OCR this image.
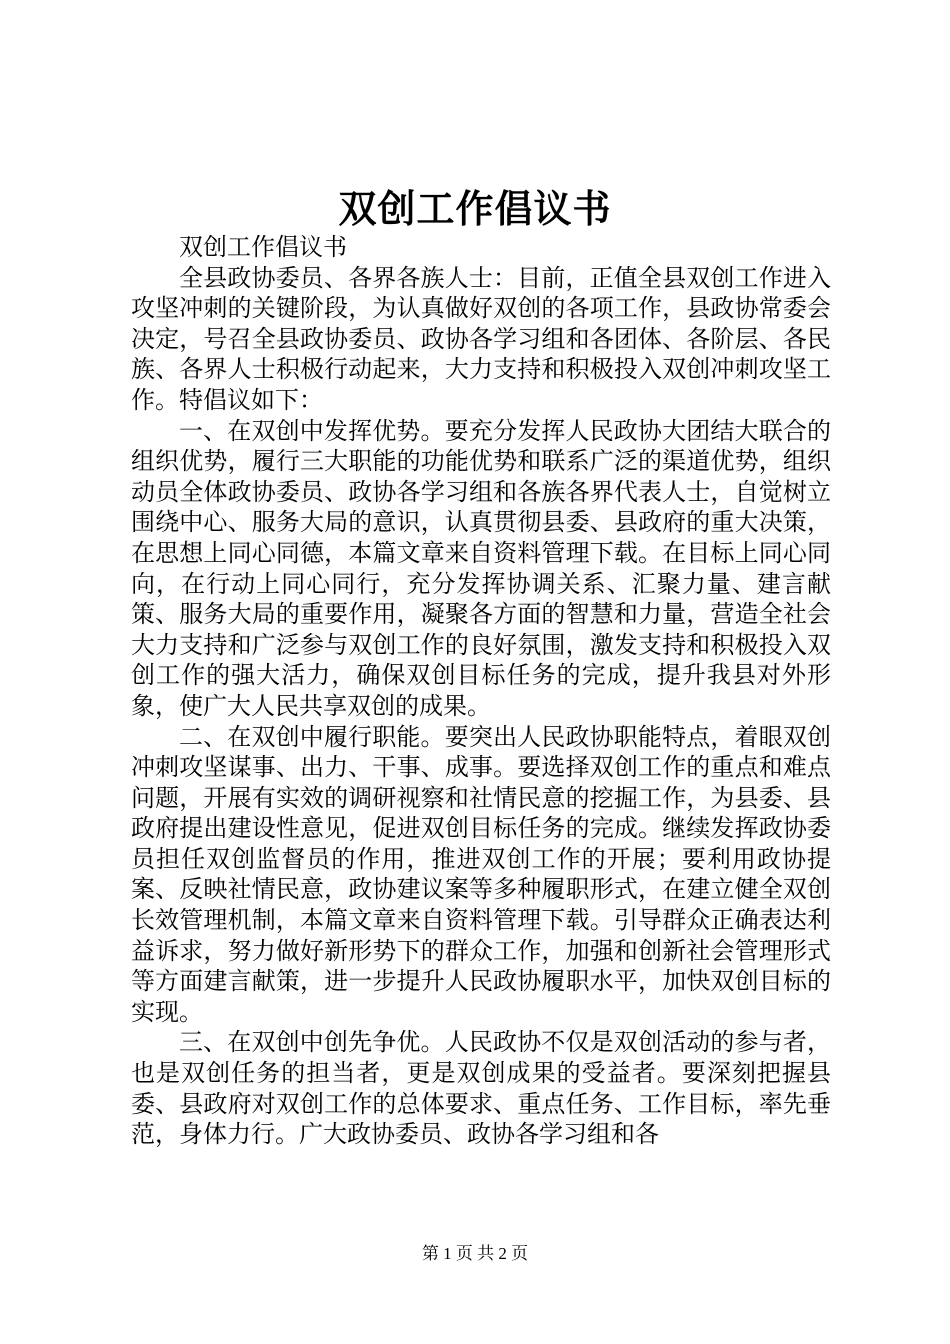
双创工作倡议书

双创工作倡议书

全县政协委员、各界各族人士：目前，正值全县双创工作进入攻坚冲刺的关键阶段，为认真做好双创的各项工作，县政协常委会决定，号召全县政协委员、政协各学习组和各团体、各阶层、各民族、各界人士积极行动起来，大力支持和积极投入双创冲刺攻坚工作。特倡议如下：

一、在双创中发挥优势。要充分发挥人民政协大团结大联合的组织优势，履行三大职能的功能优势和联系广泛的渠道优势，组织动员全体政协委员、政协各学习组和各族各界代表人士，自觉树立围绕中心、服务大局的意识，认真贯彻县委、县政府的重大决策，在思想上同心同德，本篇文章来自资料管理下载。在目标上同心同向，在行动上同心同行，充分发挥协调关系、汇聚力量、建言献策、服务大局的重要作用，凝聚各方面的智慧和力量，营造全社会大力支持和广泛参与双创工作的良好氛围，激发支持和积极投入双创工作的强大活力，确保双创目标任务的完成，提升我县对外形象，使广大人民共享双创的成果。

二、在双创中履行职能。要突出人民政协职能特点，着眼双创冲刺攻坚谋事、出力、干事、成事。要选择双创工作的重点和难点问题，开展有实效的调研视察和社情民意的挖掘工作，为县委、县政府提出建设性意见，促进双创目标任务的完成。继续发挥政协委员担任双创监督员的作用，推进双创工作的开展；要利用政协提案、反映社情民意，政协建议案等多种履职形式，在建立健全双创长效管理机制，本篇文章来自资料管理下载。引导群众正确表达利益诉求，努力做好新形势下的群众工作，加强和创新社会管理形式等方面建言献策，进一步提升人民政协履职水平，加快双创目标的实现。

三、在双创中创先争优。人民政协不仅是双创活动的参与者，也是双创任务的担当者，更是双创成果的受益者。要深刻把握县委、县政府对双创工作的总体要求、重点任务、工作目标，率先垂范，身体力行。广大政协委员、政协各学习组和各

第 1 页 共 2 页
